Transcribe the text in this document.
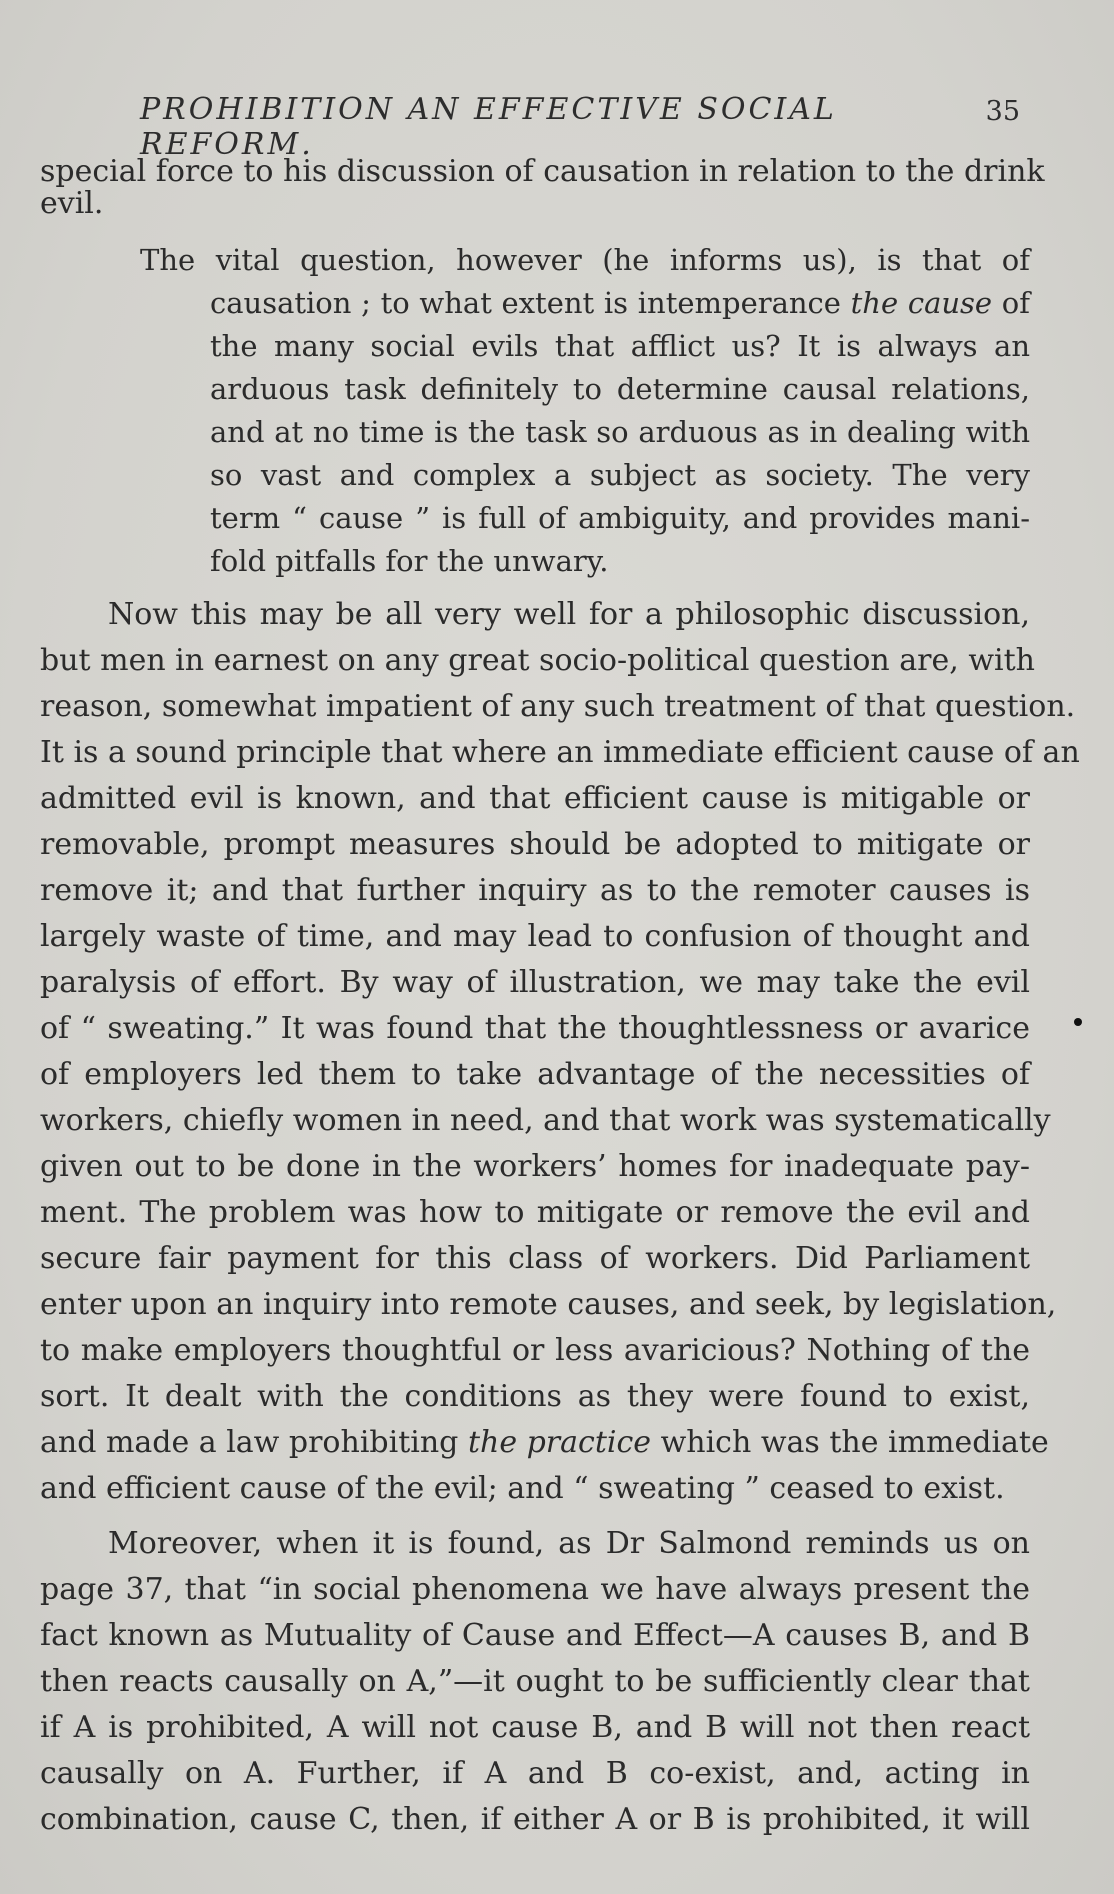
PROHIBITION AN EFFECTIVE SOCIAL REFORM.
35
special force to his discussion of causation in relation to the drink
evil.
The vital question, however (he informs us), is that of
causation ; to what extent is intemperance the cause of
the many social evils that afflict us? It is always an
arduous task definitely to determine causal relations,
and at no time is the task so arduous as in dealing with
so vast and complex a subject as society. The very
term “ cause ” is full of ambiguity, and provides mani-
fold pitfalls for the unwary.
Now this may be all very well for a philosophic discussion,
but men in earnest on any great socio-political question are, with
reason, somewhat impatient of any such treatment of that question.
It is a sound principle that where an immediate efficient cause of an
admitted evil is known, and that efficient cause is mitigable or
removable, prompt measures should be adopted to mitigate or
remove it; and that further inquiry as to the remoter causes is
largely waste of time, and may lead to confusion of thought and
paralysis of effort. By way of illustration, we may take the evil
of “ sweating.” It was found that the thoughtlessness or avarice
of employers led them to take advantage of the necessities of
workers, chiefly women in need, and that work was systematically
given out to be done in the workers’ homes for inadequate pay-
ment. The problem was how to mitigate or remove the evil and
secure fair payment for this class of workers. Did Parliament
enter upon an inquiry into remote causes, and seek, by legislation,
to make employers thoughtful or less avaricious? Nothing of the
sort. It dealt with the conditions as they were found to exist,
and made a law prohibiting the practice which was the immediate
and efficient cause of the evil; and “ sweating ” ceased to exist.
Moreover, when it is found, as Dr Salmond reminds us on
page 37, that “in social phenomena we have always present the
fact known as Mutuality of Cause and Effect—A causes B, and B
then reacts causally on A,”—it ought to be sufficiently clear that
if A is prohibited, A will not cause B, and B will not then react
causally on A. Further, if A and B co-exist, and, acting in
combination, cause C, then, if either A or B is prohibited, it will
